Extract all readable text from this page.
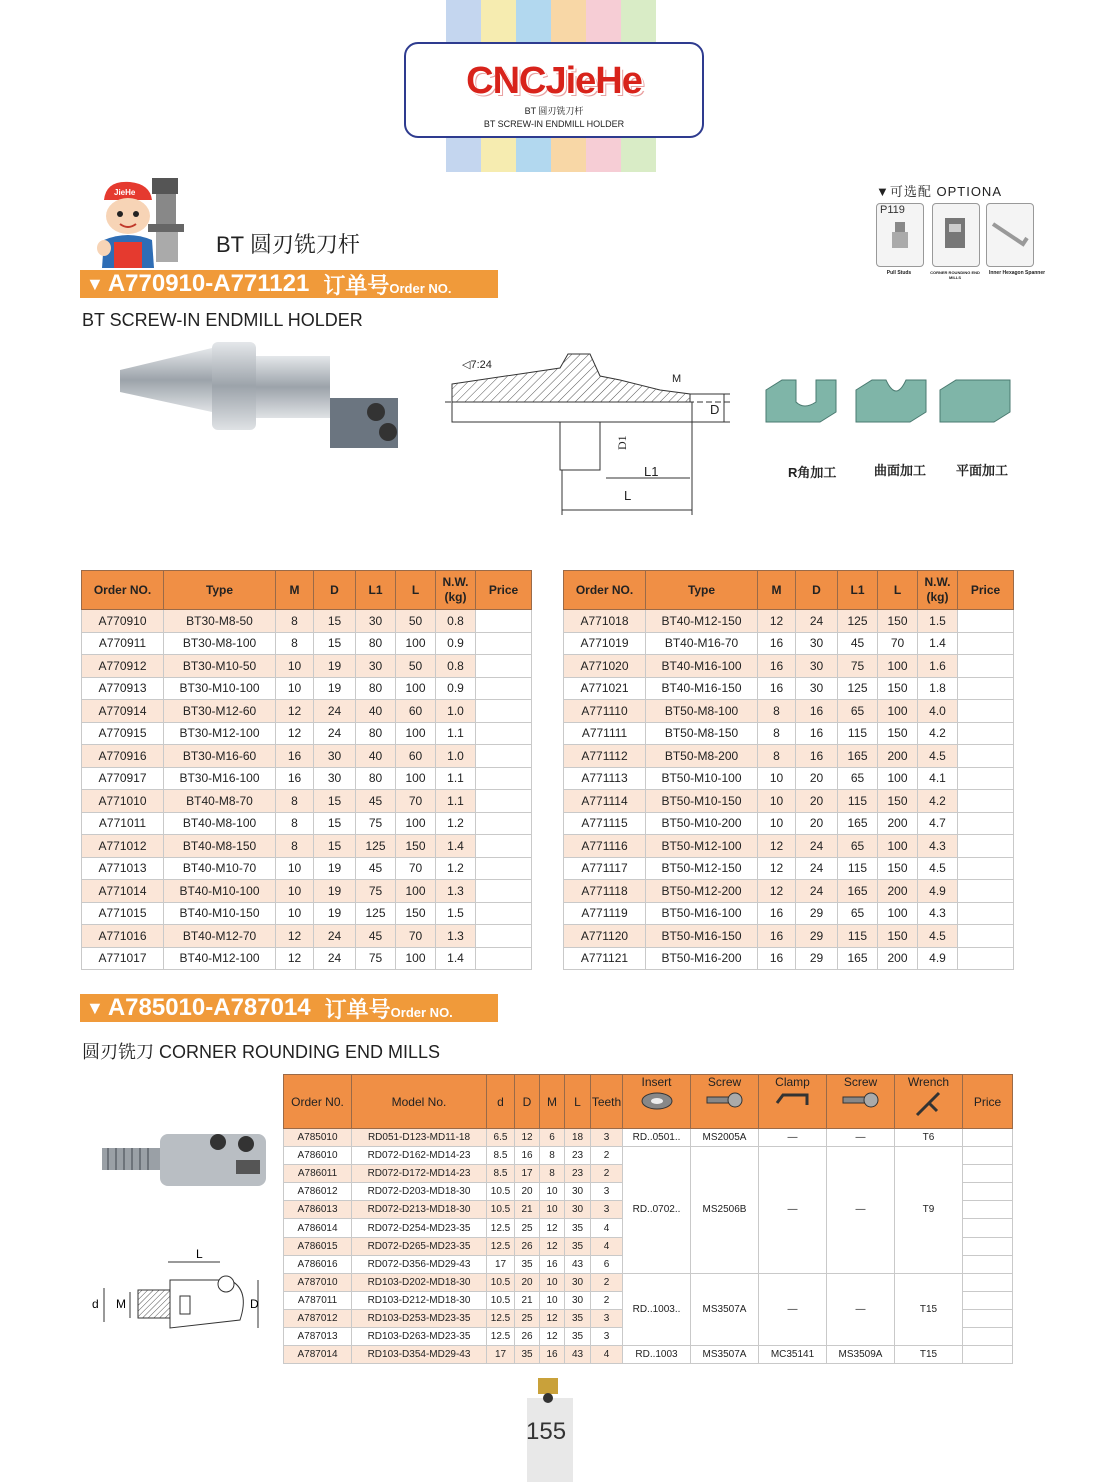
CNCJieHe
BT 圆刃铣刀杆
BT SCREW-IN ENDMILL HOLDER
JieHe
BT 圆刃铣刀杆
▼ A770910-A771121 订单号Order NO.
BT SCREW-IN ENDMILL HOLDER
▼可选配 OPTIONA
P119
Pull Studs	CORNER ROUNDING END MILLS
Inner Hexagon Spanner
◁7:24
M
D
D1
L1
L
R角加工	曲面加工 平面加工
Order NO.	Type	M	D	L1	L	N.W.
(kg)	Price
A770910	BT30-M8-50	8	15	30	50	0.8	
A770911	BT30-M8-100	8	15	80	100	0.9	
A770912	BT30-M10-50	10	19	30	50	0.8	
A770913	BT30-M10-100	10	19	80	100	0.9	
A770914	BT30-M12-60	12	24	40	60	1.0	
A770915	BT30-M12-100	12	24	80	100	1.1	
A770916	BT30-M16-60	16	30	40	60	1.0	
A770917	BT30-M16-100	16	30	80	100	1.1	
A771010	BT40-M8-70	8	15	45	70	1.1	
A771011	BT40-M8-100	8	15	75	100	1.2	
A771012	BT40-M8-150	8	15	125	150	1.4	
A771013	BT40-M10-70	10	19	45	70	1.2	
A771014	BT40-M10-100	10	19	75	100	1.3	
A771015	BT40-M10-150	10	19	125	150	1.5	
A771016	BT40-M12-70	12	24	45	70	1.3	
A771017	BT40-M12-100	12	24	75	100	1.4	
Order NO.	Type	M	D	L1	L	N.W.
(kg)	Price
A771018	BT40-M12-150	12	24	125	150	1.5	
A771019	BT40-M16-70	16	30	45	70	1.4	
A771020	BT40-M16-100	16	30	75	100	1.6	
A771021	BT40-M16-150	16	30	125	150	1.8	
A771110	BT50-M8-100	8	16	65	100	4.0	
A771111	BT50-M8-150	8	16	115	150	4.2	
A771112	BT50-M8-200	8	16	165	200	4.5	
A771113	BT50-M10-100	10	20	65	100	4.1	
A771114	BT50-M10-150	10	20	115	150	4.2	
A771115	BT50-M10-200	10	20	165	200	4.7	
A771116	BT50-M12-100	12	24	65	100	4.3	
A771117	BT50-M12-150	12	24	115	150	4.5	
A771118	BT50-M12-200	12	24	165	200	4.9	
A771119	BT50-M16-100	16	29	65	100	4.3	
A771120	BT50-M16-150	16	29	115	150	4.5	
A771121	BT50-M16-200	16	29	165	200	4.9	
▼ A785010-A787014 订单号Order NO.
圆刃铣刀 CORNER ROUNDING END MILLS
L
D
d M
Order N0.	Model No.	d	D	M	L	Teeth	Insert	Screw	Clamp	Screw	Wrench	Price
A785010	RD051-D123-MD11-18	6.5	12	6	18	3	RD..0501..	MS2005A	—	—	T6	
A786010	RD072-D162-MD14-23	8.5	16	8	23	2	RD..0702..	MS2506B	—	—	T9	
A786011	RD072-D172-MD14-23	8.5	17	8	23	2						
A786012	RD072-D203-MD18-30	10.5	20	10	30	3						
A786013	RD072-D213-MD18-30	10.5	21	10	30	3						
A786014	RD072-D254-MD23-35	12.5	25	12	35	4						
A786015	RD072-D265-MD23-35	12.5	26	12	35	4						
A786016	RD072-D356-MD29-43	17	35	16	43	6						
A787010	RD103-D202-MD18-30	10.5	20	10	30	2	RD..1003..	MS3507A	—	—	T15	
A787011	RD103-D212-MD18-30	10.5	21	10	30	2						
A787012	RD103-D253-MD23-35	12.5	25	12	35	3						
A787013	RD103-D263-MD23-35	12.5	26	12	35	3						
A787014	RD103-D354-MD29-43	17	35	16	43	4	RD..1003	MS3507A	MC35141	MS3509A	T15	
155
